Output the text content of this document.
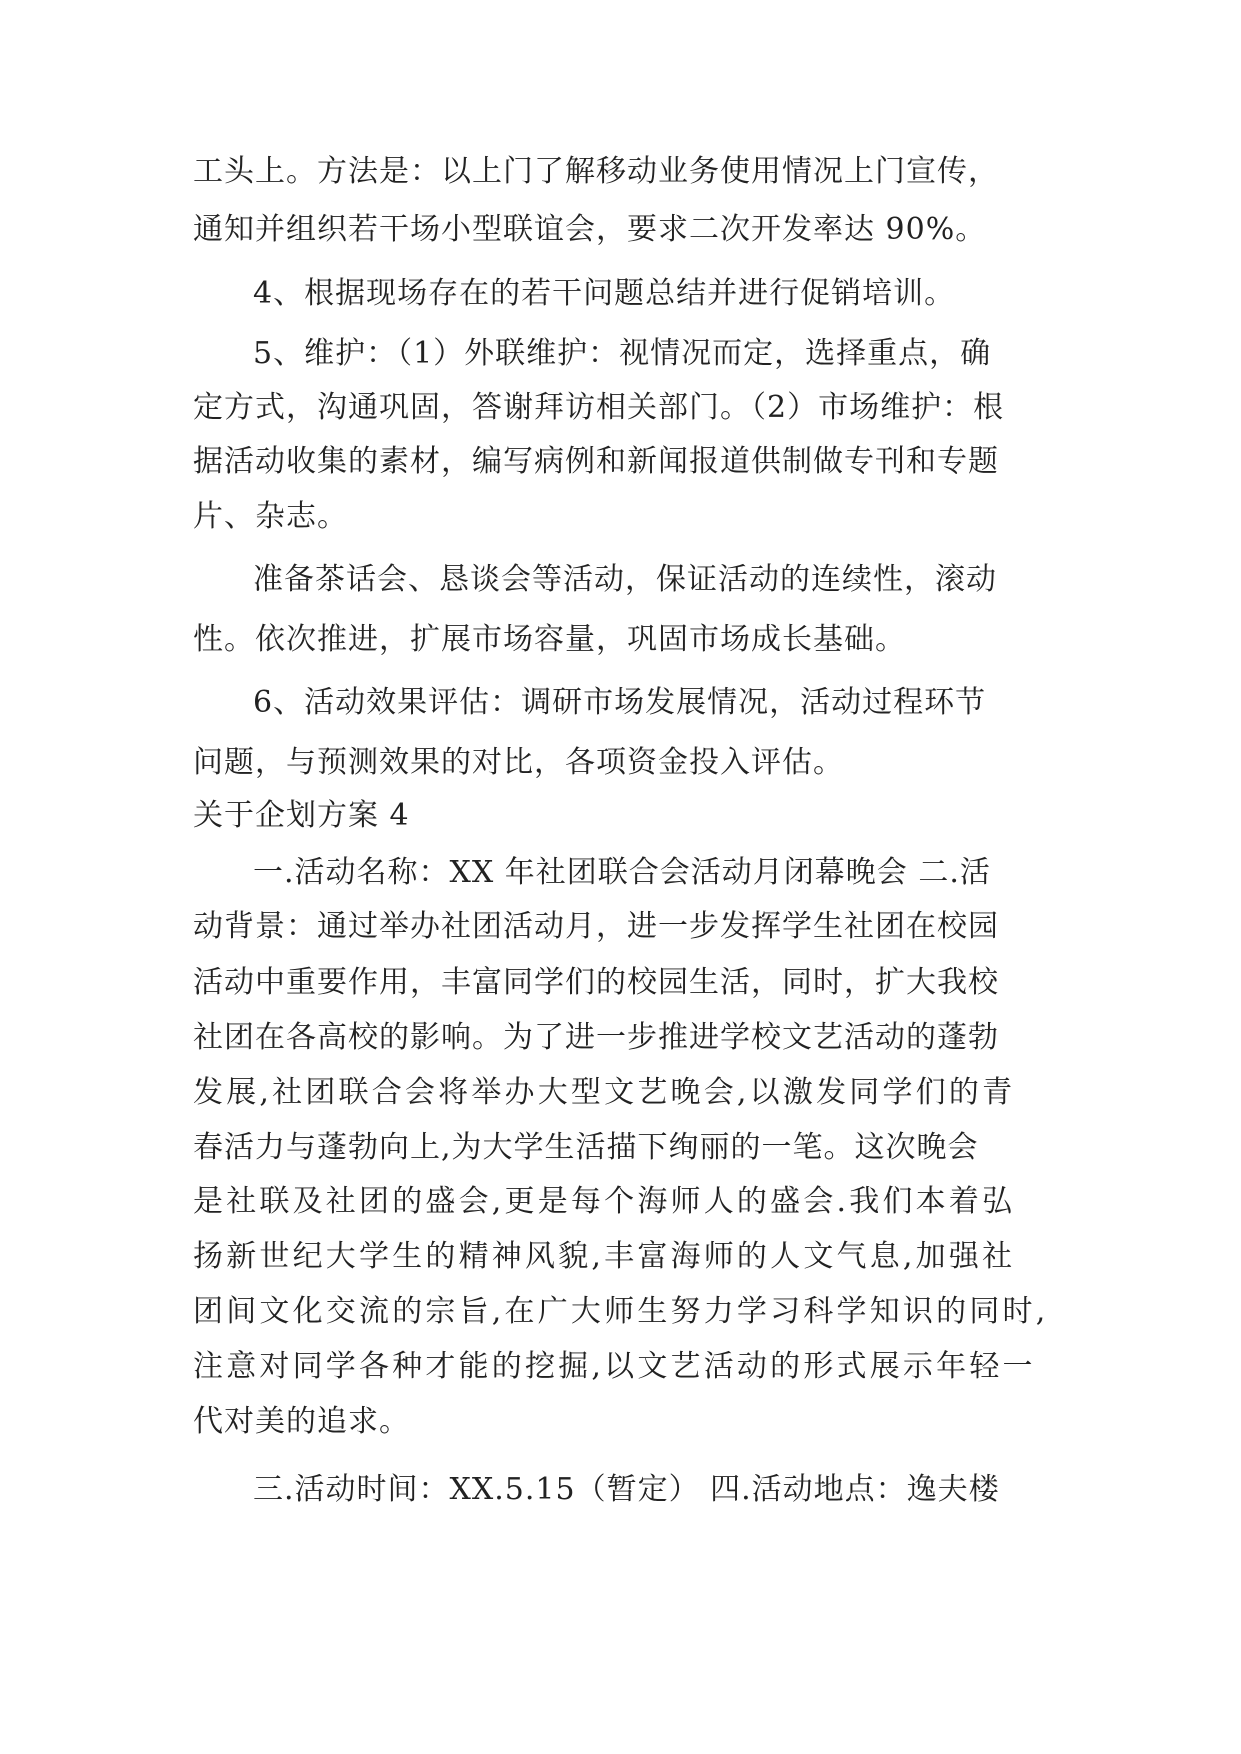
工头上。方法是：以上门了解移动业务使用情况上门宣传，
通知并组织若干场小型联谊会，要求二次开发率达 90%。
4、根据现场存在的若干问题总结并进行促销培训。
5、维护：（1）外联维护：视情况而定，选择重点，确
定方式，沟通巩固，答谢拜访相关部门。（2）市场维护：根
据活动收集的素材，编写病例和新闻报道供制做专刊和专题
片、杂志。
准备茶话会、恳谈会等活动，保证活动的连续性，滚动
性。依次推进，扩展市场容量，巩固市场成长基础。
6、活动效果评估：调研市场发展情况，活动过程环节
问题，与预测效果的对比，各项资金投入评估。
关于企划方案 4
一.活动名称：XX 年社团联合会活动月闭幕晚会 二.活
动背景：通过举办社团活动月，进一步发挥学生社团在校园
活动中重要作用，丰富同学们的校园生活，同时，扩大我校
社团在各高校的影响。为了进一步推进学校文艺活动的蓬勃
发展,社团联合会将举办大型文艺晚会,以激发同学们的青
春活力与蓬勃向上,为大学生活描下绚丽的一笔。这次晚会
是社联及社团的盛会,更是每个海师人的盛会.我们本着弘
扬新世纪大学生的精神风貌,丰富海师的人文气息,加强社
团间文化交流的宗旨,在广大师生努力学习科学知识的同时,
注意对同学各种才能的挖掘,以文艺活动的形式展示年轻一
代对美的追求。
三.活动时间：XX.5.15（暂定） 四.活动地点：逸夫楼
